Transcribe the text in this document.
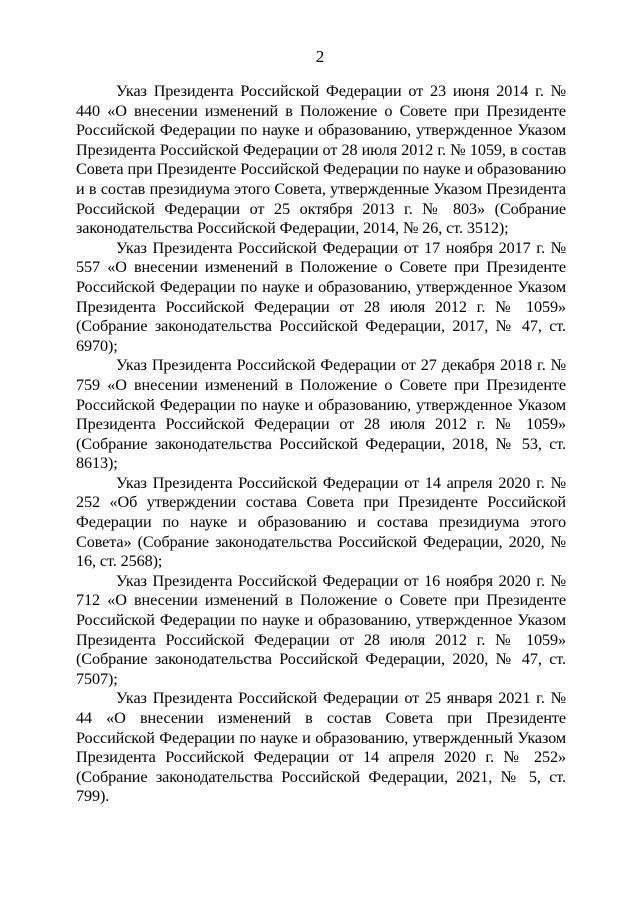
2

Указ Президента Российской Федерации от 23 июня 2014 г. № 440 «О внесении изменений в Положение о Совете при Президенте Российской Федерации по науке и образованию, утвержденное Указом Президента Российской Федерации от 28 июля 2012 г. № 1059, в состав Совета при Президенте Российской Федерации по науке и образованию и в состав президиума этого Совета, утвержденные Указом Президента Российской Федерации от 25 октября 2013 г. № 803» (Собрание законодательства Российской Федерации, 2014, № 26, ст. 3512);

Указ Президента Российской Федерации от 17 ноября 2017 г. № 557 «О внесении изменений в Положение о Совете при Президенте Российской Федерации по науке и образованию, утвержденное Указом Президента Российской Федерации от 28 июля 2012 г. № 1059» (Собрание законодательства Российской Федерации, 2017, № 47, ст. 6970);

Указ Президента Российской Федерации от 27 декабря 2018 г. № 759 «О внесении изменений в Положение о Совете при Президенте Российской Федерации по науке и образованию, утвержденное Указом Президента Российской Федерации от 28 июля 2012 г. № 1059» (Собрание законодательства Российской Федерации, 2018, № 53, ст. 8613);

Указ Президента Российской Федерации от 14 апреля 2020 г. № 252 «Об утверждении состава Совета при Президенте Российской Федерации по науке и образованию и состава президиума этого Совета» (Собрание законодательства Российской Федерации, 2020, № 16, ст. 2568);

Указ Президента Российской Федерации от 16 ноября 2020 г. № 712 «О внесении изменений в Положение о Совете при Президенте Российской Федерации по науке и образованию, утвержденное Указом Президента Российской Федерации от 28 июля 2012 г. № 1059» (Собрание законодательства Российской Федерации, 2020, № 47, ст. 7507);

Указ Президента Российской Федерации от 25 января 2021 г. № 44 «О внесении изменений в состав Совета при Президенте Российской Федерации по науке и образованию, утвержденный Указом Президента Российской Федерации от 14 апреля 2020 г. № 252» (Собрание законодательства Российской Федерации, 2021, № 5, ст. 799).
